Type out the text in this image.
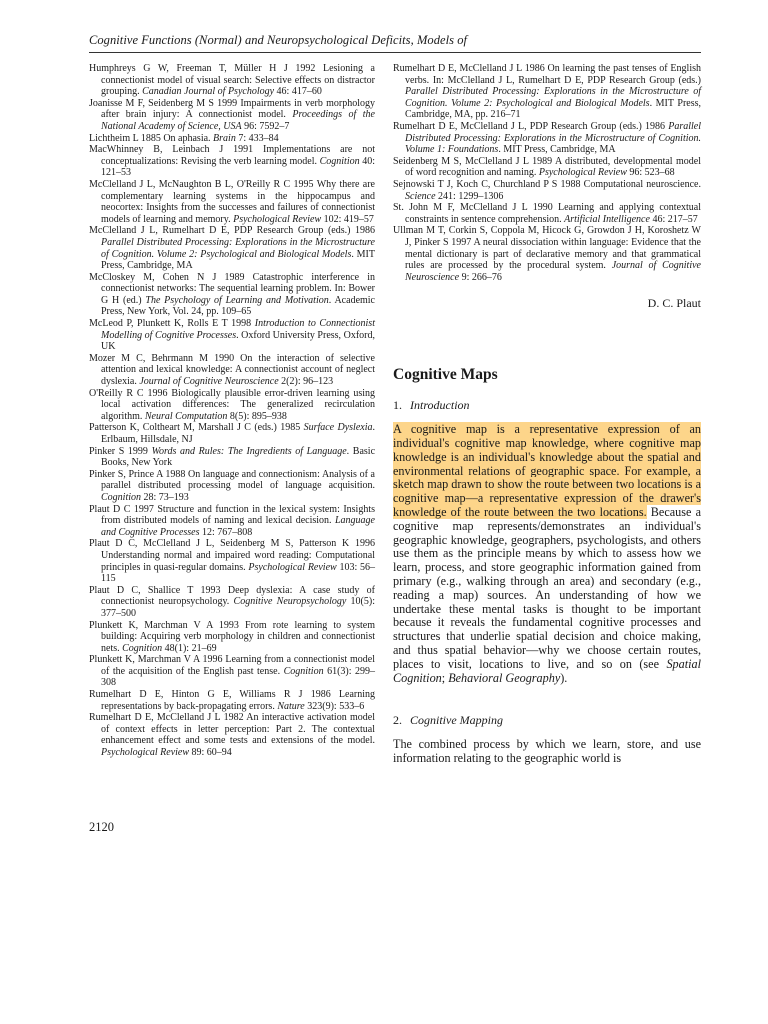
Cognitive Functions (Normal) and Neuropsychological Deficits, Models of

Humphreys G W, Freeman T, Müller H J 1992 Lesioning a connectionist model of visual search: Selective effects on distractor grouping. Canadian Journal of Psychology 46: 417–60

Joanisse M F, Seidenberg M S 1999 Impairments in verb morphology after brain injury: A connectionist model. Proceedings of the National Academy of Science, USA 96: 7592–7

Lichtheim L 1885 On aphasia. Brain 7: 433–84

MacWhinney B, Leinbach J 1991 Implementations are not conceptualizations: Revising the verb learning model. Cognition 40: 121–53

McClelland J L, McNaughton B L, O'Reilly R C 1995 Why there are complementary learning systems in the hippocampus and neocortex: Insights from the successes and failures of connectionist models of learning and memory. Psychological Review 102: 419–57

McClelland J L, Rumelhart D E, PDP Research Group (eds.) 1986 Parallel Distributed Processing: Explorations in the Microstructure of Cognition. Volume 2: Psychological and Biological Models. MIT Press, Cambridge, MA

McCloskey M, Cohen N J 1989 Catastrophic interference in connectionist networks: The sequential learning problem. In: Bower G H (ed.) The Psychology of Learning and Motivation. Academic Press, New York, Vol. 24, pp. 109–65

McLeod P, Plunkett K, Rolls E T 1998 Introduction to Connectionist Modelling of Cognitive Processes. Oxford University Press, Oxford, UK

Mozer M C, Behrmann M 1990 On the interaction of selective attention and lexical knowledge: A connectionist account of neglect dyslexia. Journal of Cognitive Neuroscience 2(2): 96–123

O'Reilly R C 1996 Biologically plausible error-driven learning using local activation differences: The generalized recirculation algorithm. Neural Computation 8(5): 895–938

Patterson K, Coltheart M, Marshall J C (eds.) 1985 Surface Dyslexia. Erlbaum, Hillsdale, NJ

Pinker S 1999 Words and Rules: The Ingredients of Language. Basic Books, New York

Pinker S, Prince A 1988 On language and connectionism: Analysis of a parallel distributed processing model of language acquisition. Cognition 28: 73–193

Plaut D C 1997 Structure and function in the lexical system: Insights from distributed models of naming and lexical decision. Language and Cognitive Processes 12: 767–808

Plaut D C, McClelland J L, Seidenberg M S, Patterson K 1996 Understanding normal and impaired word reading: Computational principles in quasi-regular domains. Psychological Review 103: 56–115

Plaut D C, Shallice T 1993 Deep dyslexia: A case study of connectionist neuropsychology. Cognitive Neuropsychology 10(5): 377–500

Plunkett K, Marchman V A 1993 From rote learning to system building: Acquiring verb morphology in children and connectionist nets. Cognition 48(1): 21–69

Plunkett K, Marchman V A 1996 Learning from a connectionist model of the acquisition of the English past tense. Cognition 61(3): 299–308

Rumelhart D E, Hinton G E, Williams R J 1986 Learning representations by back-propagating errors. Nature 323(9): 533–6

Rumelhart D E, McClelland J L 1982 An interactive activation model of context effects in letter perception: Part 2. The contextual enhancement effect and some tests and extensions of the model. Psychological Review 89: 60–94

Rumelhart D E, McClelland J L 1986 On learning the past tenses of English verbs. In: McClelland J L, Rumelhart D E, PDP Research Group (eds.) Parallel Distributed Processing: Explorations in the Microstructure of Cognition. Volume 2: Psychological and Biological Models. MIT Press, Cambridge, MA, pp. 216–71

Rumelhart D E, McClelland J L, PDP Research Group (eds.) 1986 Parallel Distributed Processing: Explorations in the Microstructure of Cognition. Volume 1: Foundations. MIT Press, Cambridge, MA

Seidenberg M S, McClelland J L 1989 A distributed, developmental model of word recognition and naming. Psychological Review 96: 523–68

Sejnowski T J, Koch C, Churchland P S 1988 Computational neuroscience. Science 241: 1299–1306

St. John M F, McClelland J L 1990 Learning and applying contextual constraints in sentence comprehension. Artificial Intelligence 46: 217–57

Ullman M T, Corkin S, Coppola M, Hicock G, Growdon J H, Koroshetz W J, Pinker S 1997 A neural dissociation within language: Evidence that the mental dictionary is part of declarative memory and that grammatical rules are processed by the procedural system. Journal of Cognitive Neuroscience 9: 266–76

D. C. Plaut

Cognitive Maps
1. Introduction

A cognitive map is a representative expression of an individual's cognitive map knowledge, where cognitive map knowledge is an individual's knowledge about the spatial and environmental relations of geographic space. For example, a sketch map drawn to show the route between two locations is a cognitive map—a representative expression of the drawer's knowledge of the route between the two locations. Because a cognitive map represents/demonstrates an individual's geographic knowledge, geographers, psychologists, and others use them as the principle means by which to assess how we learn, process, and store geographic information gained from primary (e.g., walking through an area) and secondary (e.g., reading a map) sources. An understanding of how we undertake these mental tasks is thought to be important because it reveals the fundamental cognitive processes and structures that underlie spatial decision and choice making, and thus spatial behavior—why we choose certain routes, places to visit, locations to live, and so on (see Spatial Cognition; Behavioral Geography).

2. Cognitive Mapping

The combined process by which we learn, store, and use information relating to the geographic world is

2120
